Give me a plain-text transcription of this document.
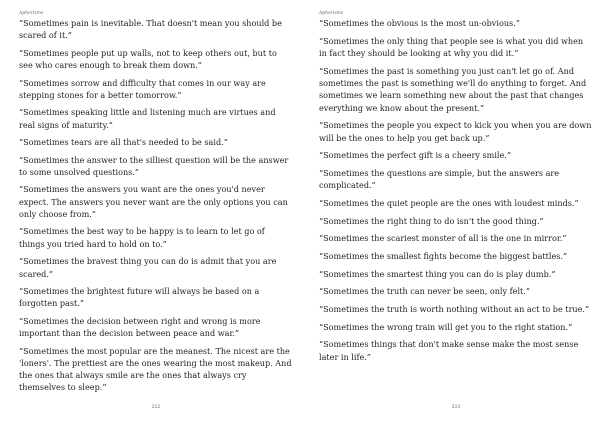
Aphorisms
“Sometimes pain is inevitable. That doesn't mean you should be scared of it.”
“Sometimes people put up walls, not to keep others out, but to see who cares enough to break them down.”
“Sometimes sorrow and difficulty that comes in our way are stepping stones for a better tomorrow.”
“Sometimes speaking little and listening much are virtues and real signs of maturity.”
“Sometimes tears are all that's needed to be said.”
“Sometimes the answer to the silliest question will be the answer to some unsolved questions.”
“Sometimes the answers you want are the ones you'd never expect. The answers you never want are the only options you can only choose from.”
“Sometimes the best way to be happy is to learn to let go of things you tried hard to hold on to.”
“Sometimes the bravest thing you can do is admit that you are scared.”
“Sometimes the brightest future will always be based on a forgotten past.”
“Sometimes the decision between right and wrong is more important than the decision between peace and war.”
“Sometimes the most popular are the meanest. The nicest are the 'loners'. The prettiest are the ones wearing the most makeup. And the ones that always smile are the ones that always cry themselves to sleep.”
212
Aphorisms
“Sometimes the obvious is the most un-obvious.”
“Sometimes the only thing that people see is what you did when in fact they should be looking at why you did it.”
“Sometimes the past is something you just can't let go of. And sometimes the past is something we'll do anything to forget. And sometimes we learn something new about the past that changes everything we know about the present.”
“Sometimes the people you expect to kick you when you are down will be the ones to help you get back up.”
“Sometimes the perfect gift is a cheery smile.”
“Sometimes the questions are simple, but the answers are complicated.”
“Sometimes the quiet people are the ones with loudest minds.”
“Sometimes the right thing to do isn't the good thing.”
“Sometimes the scariest monster of all is the one in mirror.”
“Sometimes the smallest fights become the biggest battles.”
“Sometimes the smartest thing you can do is play dumb.”
“Sometimes the truth can never be seen, only felt.”
“Sometimes the truth is worth nothing without an act to be true.”
“Sometimes the wrong train will get you to the right station.”
“Sometimes things that don't make sense make the most sense later in life.”
213
